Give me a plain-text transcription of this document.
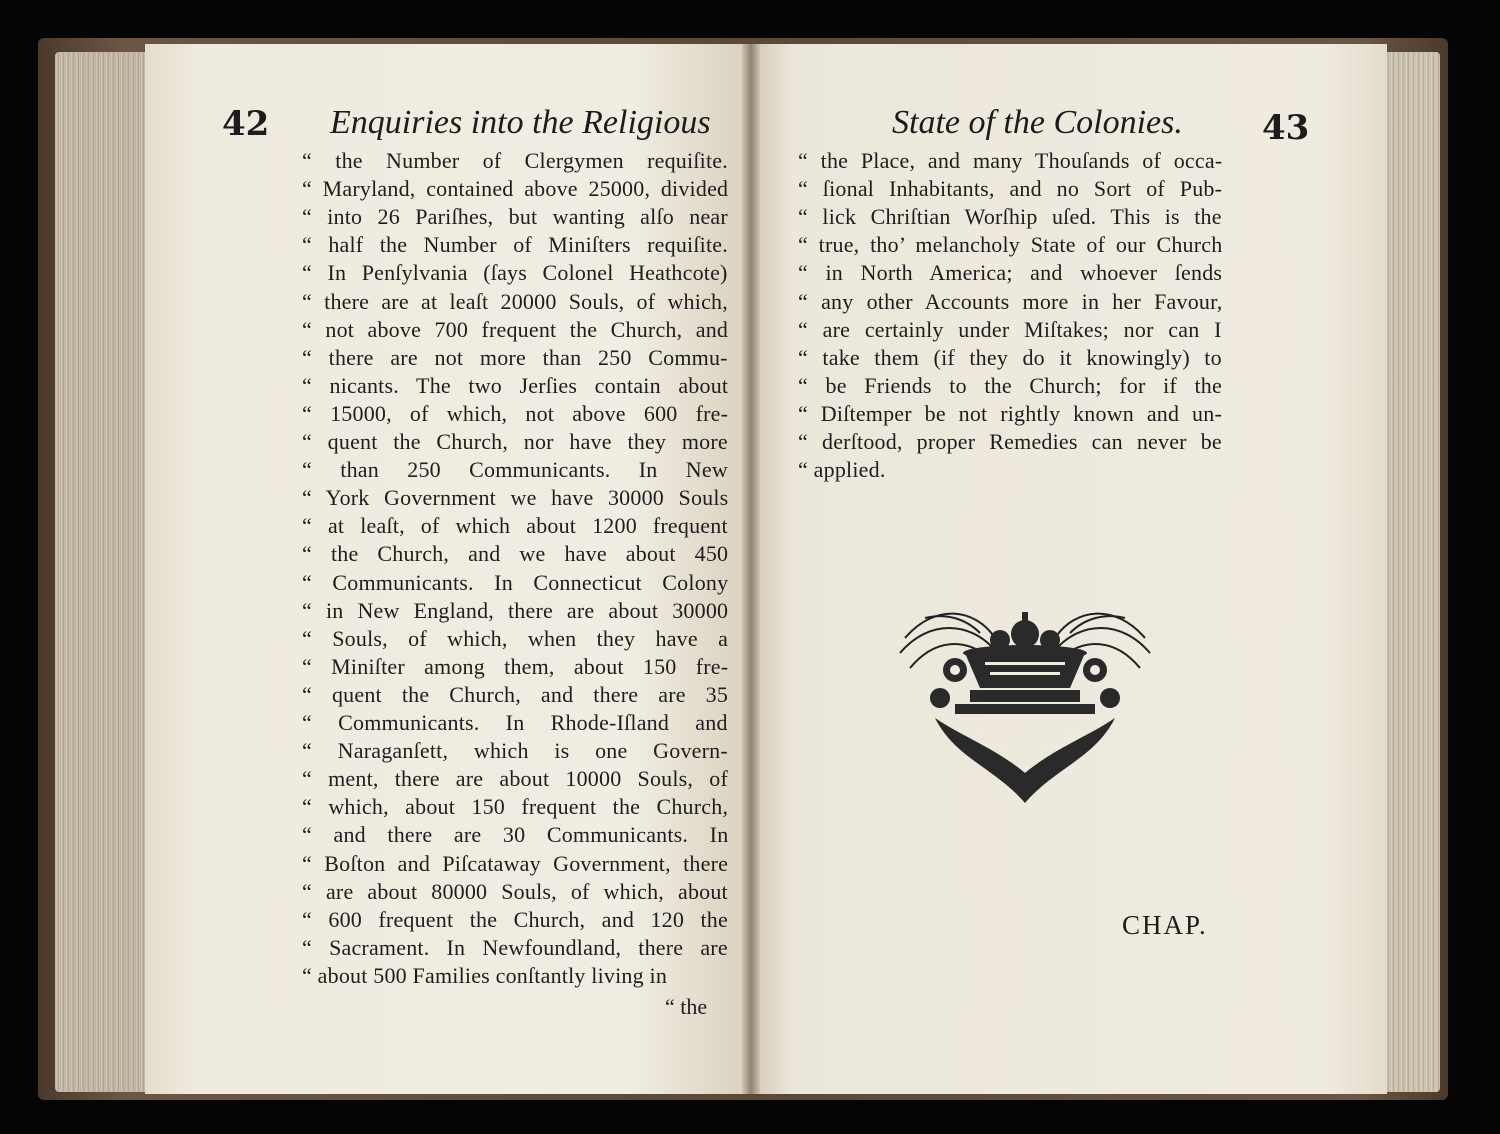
42 Enquiries into the Religious
“ the Number of Clergymen requiſite.
“ Maryland, contained above 25000, divided
“ into 26 Pariſhes, but wanting alſo near
“ half the Number of Miniſters requiſite.
“ In Penſylvania (ſays Colonel Heathcote)
“ there are at leaſt 20000 Souls, of which,
“ not above 700 frequent the Church, and
“ there are not more than 250 Commu-
“ nicants. The two Jerſies contain about
“ 15000, of which, not above 600 fre-
“ quent the Church, nor have they more
“ than 250 Communicants. In New
“ York Government we have 30000 Souls
“ at leaſt, of which about 1200 frequent
“ the Church, and we have about 450
“ Communicants. In Connecticut Colony
“ in New England, there are about 30000
“ Souls, of which, when they have a
“ Miniſter among them, about 150 fre-
“ quent the Church, and there are 35
“ Communicants. In Rhode-Iſland and
“ Naraganſett, which is one Govern-
“ ment, there are about 10000 Souls, of
“ which, about 150 frequent the Church,
“ and there are 30 Communicants. In
“ Boſton and Piſcataway Government, there
“ are about 80000 Souls, of which, about
“ 600 frequent the Church, and 120 the
“ Sacrament. In Newfoundland, there are
“ about 500 Families conſtantly living in
“ the
State of the Colonies. 43
“ the Place, and many Thouſands of occa-
“ ſional Inhabitants, and no Sort of Pub-
“ lick Chriſtian Worſhip uſed. This is the
“ true, tho’ melancholy State of our Church
“ in North America; and whoever ſends
“ any other Accounts more in her Favour,
“ are certainly under Miſtakes; nor can I
“ take them (if they do it knowingly) to
“ be Friends to the Church; for if the
“ Diſtemper be not rightly known and un-
“ derſtood, proper Remedies can never be
“ applied.
CHAP.
